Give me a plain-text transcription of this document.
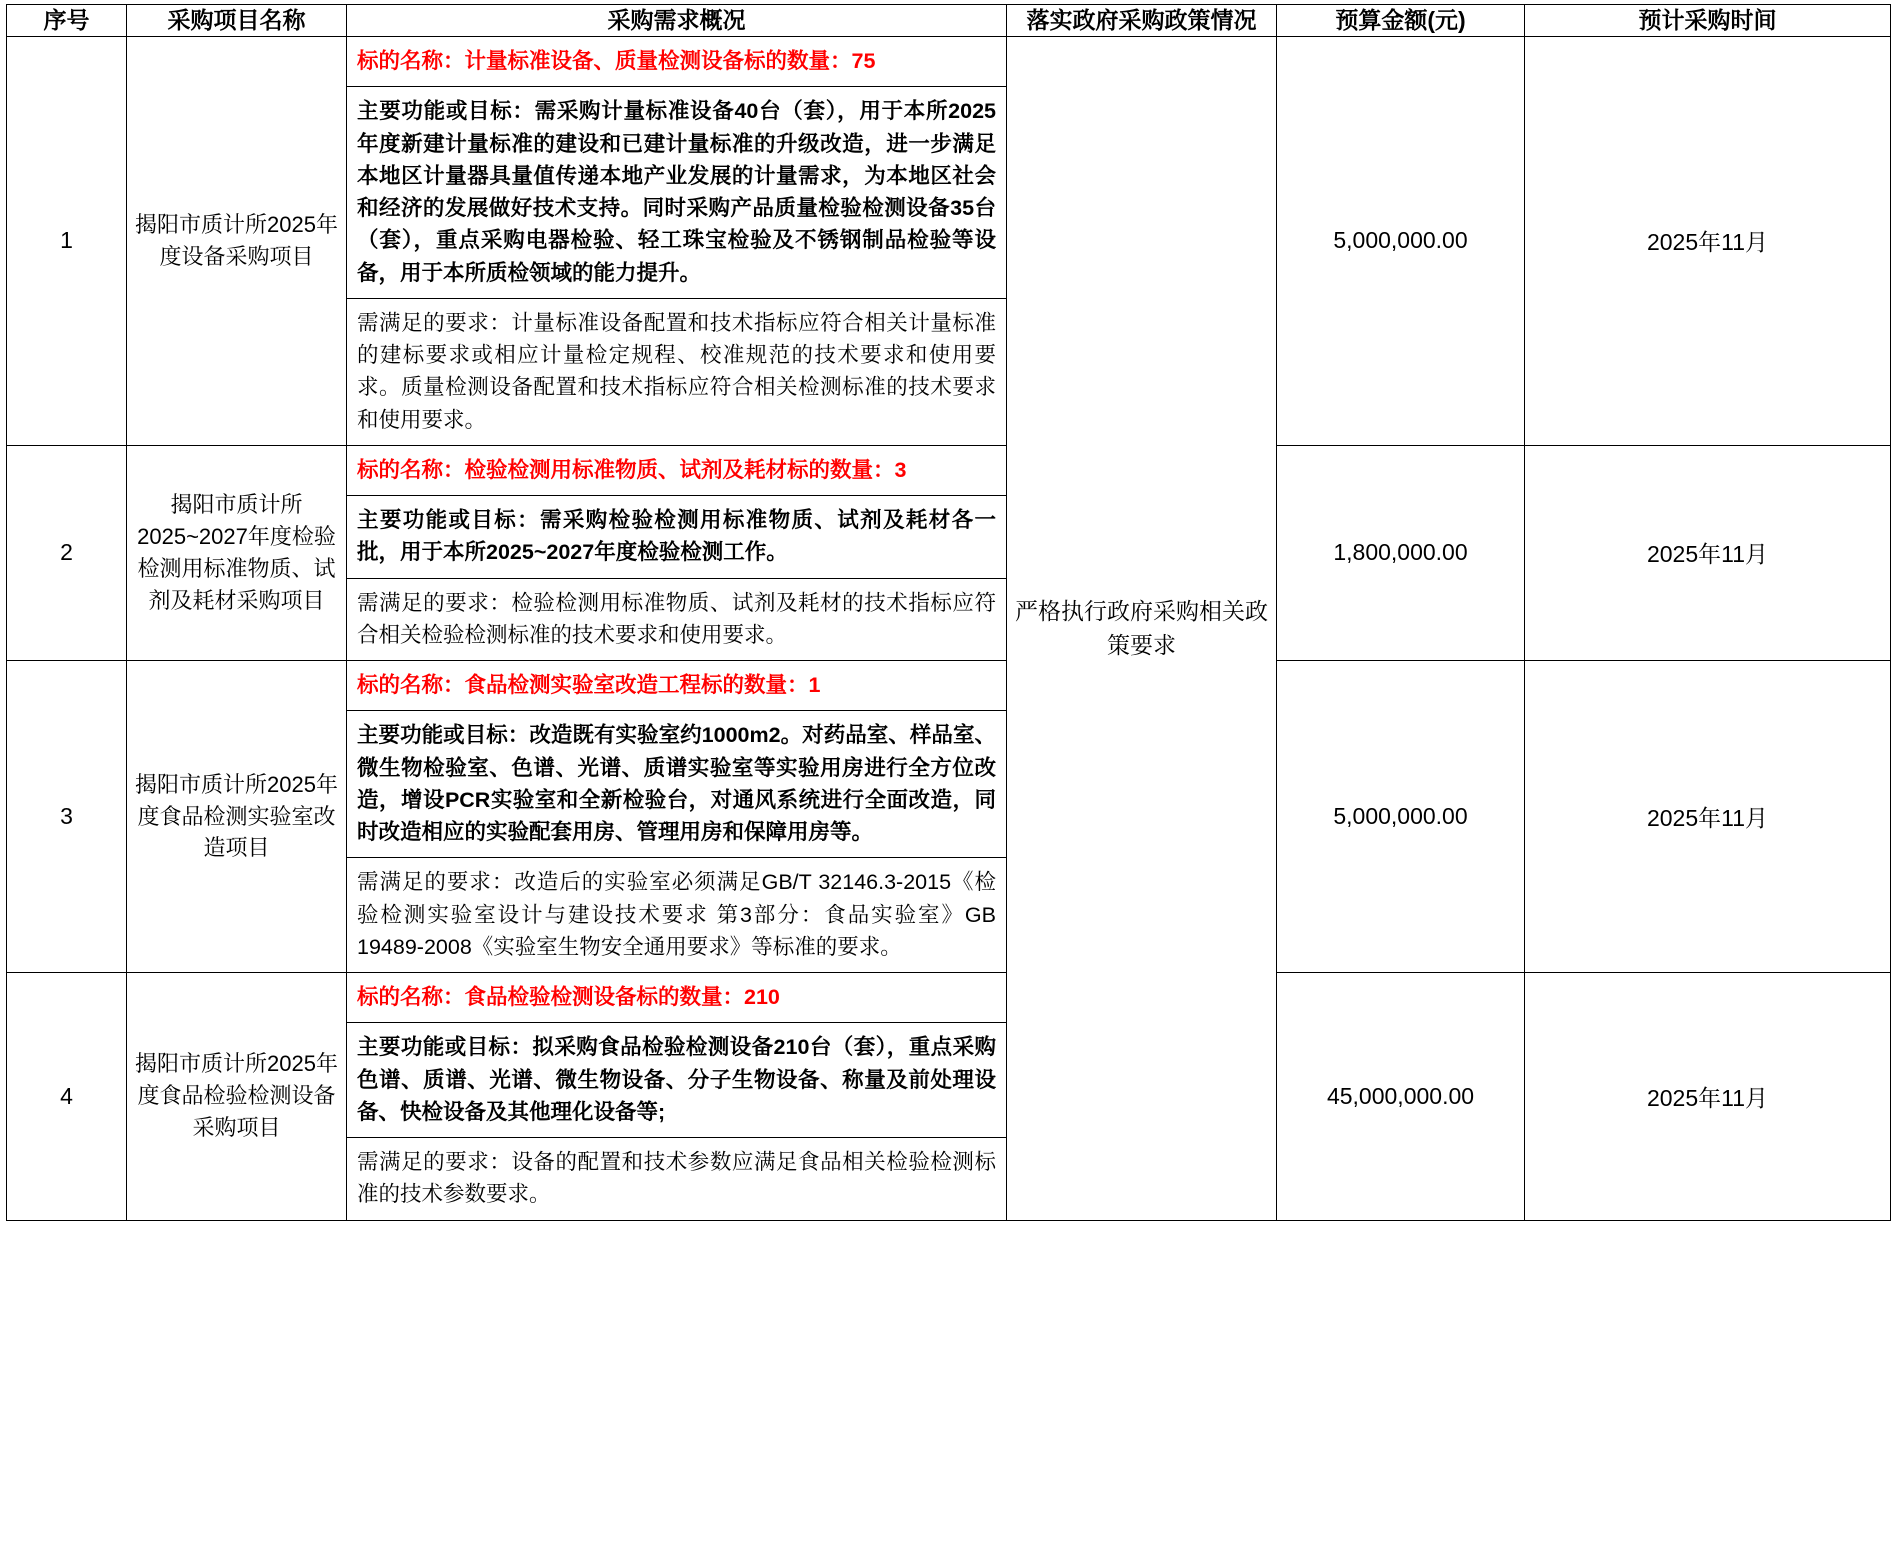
序号	采购项目名称	采购需求概况	落实政府采购政策情况	预算金额(元)	预计采购时间
1	揭阳市质计所2025年度设备采购项目	标的名称：计量标准设备、质量检测设备标的数量：75
主要功能或目标：需采购计量标准设备40台（套），用于本所2025年度新建计量标准的建设和已建计量标准的升级改造，进一步满足本地区计量器具量值传递本地产业发展的计量需求，为本地区社会和经济的发展做好技术支持。同时采购产品质量检验检测设备35台（套），重点采购电器检验、轻工珠宝检验及不锈钢制品检验等设备，用于本所质检领域的能力提升。
需满足的要求：计量标准设备配置和技术指标应符合相关计量标准的建标要求或相应计量检定规程、校准规范的技术要求和使用要求。质量检测设备配置和技术指标应符合相关检测标准的技术要求和使用要求。	严格执行政府采购相关政策要求	5,000,000.00	2025年11月
2	揭阳市质计所2025~2027年度检验检测用标准物质、试剂及耗材采购项目	标的名称：检验检测用标准物质、试剂及耗材标的数量：3
主要功能或目标：需采购检验检测用标准物质、试剂及耗材各一批，用于本所2025~2027年度检验检测工作。
需满足的要求：检验检测用标准物质、试剂及耗材的技术指标应符合相关检验检测标准的技术要求和使用要求。		1,800,000.00	2025年11月
3	揭阳市质计所2025年度食品检测实验室改造项目	标的名称：食品检测实验室改造工程标的数量：1
主要功能或目标：改造既有实验室约1000m2。对药品室、样品室、微生物检验室、色谱、光谱、质谱实验室等实验用房进行全方位改造，增设PCR实验室和全新检验台，对通风系统进行全面改造，同时改造相应的实验配套用房、管理用房和保障用房等。
需满足的要求：改造后的实验室必须满足GB/T 32146.3-2015《检验检测实验室设计与建设技术要求 第3部分：食品实验室》GB 19489-2008《实验室生物安全通用要求》等标准的要求。		5,000,000.00	2025年11月
4	揭阳市质计所2025年度食品检验检测设备采购项目	标的名称：食品检验检测设备标的数量：210
主要功能或目标：拟采购食品检验检测设备210台（套），重点采购色谱、质谱、光谱、微生物设备、分子生物设备、称量及前处理设备、快检设备及其他理化设备等;
需满足的要求：设备的配置和技术参数应满足食品相关检验检测标准的技术参数要求。		45,000,000.00	2025年11月
